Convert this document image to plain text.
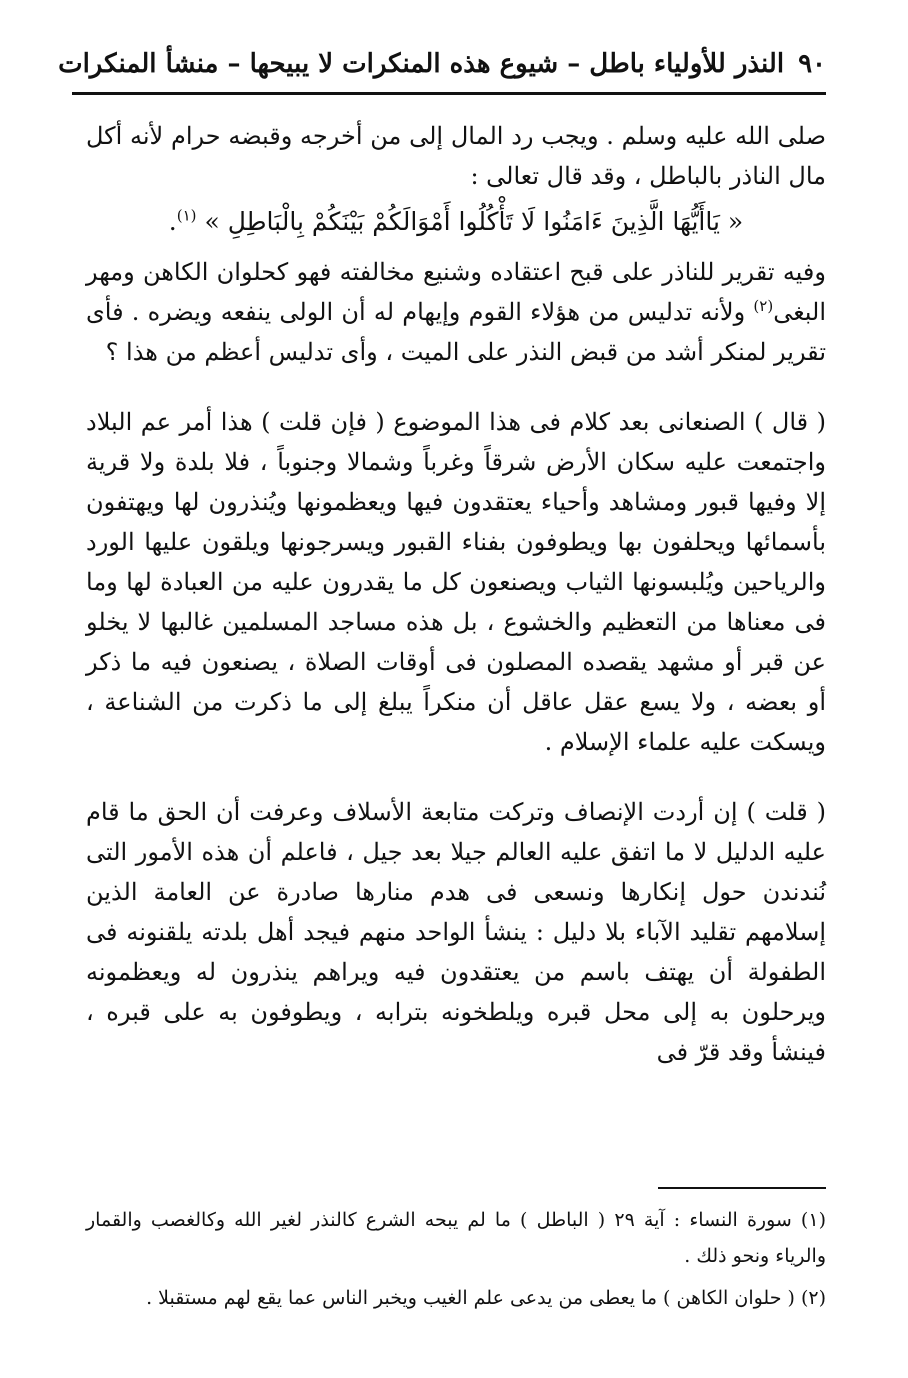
٩٠
النذر للأولياء باطل – شيوع هذه المنكرات لا يبيحها – منشأ المنكرات

صلى الله عليه وسلم . ويجب رد المال إلى من أخرجه وقبضه حرام لأنه أكل مال الناذر بالباطل ، وقد قال تعالى :

« يَاأَيُّهَا الَّذِينَ ءَامَنُوا لَا تَأْكُلُوا أَمْوَالَكُمْ بَيْنَكُمْ بِالْبَاطِلِ » $^{(١)}$.

وفيه تقرير للناذر على قبح اعتقاده وشنيع مخالفته فهو كحلوان الكاهن ومهر البغى$^{(٢)}$ ولأنه تدليس من هؤلاء القوم وإيهام له أن الولى ينفعه ويضره . فأى تقرير لمنكر أشد من قبض النذر على الميت ، وأى تدليس أعظم من هذا ؟

( قال ) الصنعانى بعد كلام فى هذا الموضوع ( فإن قلت ) هذا أمر عم البلاد واجتمعت عليه سكان الأرض شرقاً وغرباً وشمالا وجنوباً ، فلا بلدة ولا قرية إلا وفيها قبور ومشاهد وأحياء يعتقدون فيها ويعظمونها ويُنذرون لها ويهتفون بأسمائها ويحلفون بها ويطوفون بفناء القبور ويسرجونها ويلقون عليها الورد والرياحين ويُلبسونها الثياب ويصنعون كل ما يقدرون عليه من العبادة لها وما فى معناها من التعظيم والخشوع ، بل هذه مساجد المسلمين غالبها لا يخلو عن قبر أو مشهد يقصده المصلون فى أوقات الصلاة ، يصنعون فيه ما ذكر أو بعضه ، ولا يسع عقل عاقل أن منكراً يبلغ إلى ما ذكرت من الشناعة ، ويسكت عليه علماء الإسلام .

( قلت ) إن أردت الإنصاف وتركت متابعة الأسلاف وعرفت أن الحق ما قام عليه الدليل لا ما اتفق عليه العالم جيلا بعد جيل ، فاعلم أن هذه الأمور التى نُندندن حول إنكارها ونسعى فى هدم منارها صادرة عن العامة الذين إسلامهم تقليد الآباء بلا دليل : ينشأ الواحد منهم فيجد أهل بلدته يلقنونه فى الطفولة أن يهتف باسم من يعتقدون فيه ويراهم ينذرون له ويعظمونه ويرحلون به إلى محل قبره ويلطخونه بترابه ، ويطوفون به على قبره ، فينشأ وقد قرّ فى

(١) سورة النساء : آية ٢٩ ( الباطل ) ما لم يبحه الشرع كالنذر لغير الله وكالغصب والقمار والرياء ونحو ذلك .

(٢) ( حلوان الكاهن ) ما يعطى من يدعى علم الغيب ويخبر الناس عما يقع لهم مستقبلا .
